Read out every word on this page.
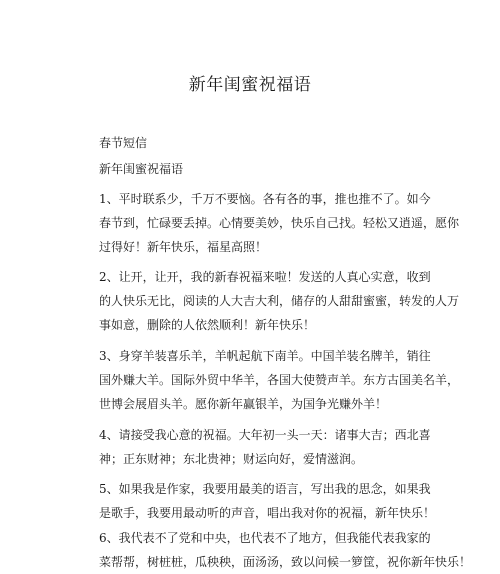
新年闺蜜祝福语
春节短信
新年闺蜜祝福语

1、平时联系少，千万不要恼。各有各的事，推也推不了。如今
春节到，忙碌要丢掉。心情要美妙，快乐自己找。轻松又逍遥，愿你
过得好！新年快乐，福星高照！

2、让开，让开，我的新春祝福来啦！发送的人真心实意，收到
的人快乐无比，阅读的人大吉大利，储存的人甜甜蜜蜜，转发的人万
事如意，删除的人依然顺利！新年快乐！

3、身穿羊装喜乐羊，羊帆起航下南羊。中国羊装名牌羊，销往
国外赚大羊。国际外贸中华羊，各国大使赞声羊。东方古国美名羊，
世博会展眉头羊。愿你新年赢银羊，为国争光赚外羊！

4、请接受我心意的祝福。大年初一头一天：诸事大吉；西北喜
神；正东财神；东北贵神；财运向好，爱情滋润。

5、如果我是作家，我要用最美的语言，写出我的思念，如果我
是歌手，我要用最动听的声音，唱出我对你的祝福，新年快乐！

6、我代表不了党和中央，也代表不了地方，但我能代表我家的
菜帮帮，树桩桩，瓜秧秧，面汤汤，致以问候一箩筐，祝你新年快乐！
